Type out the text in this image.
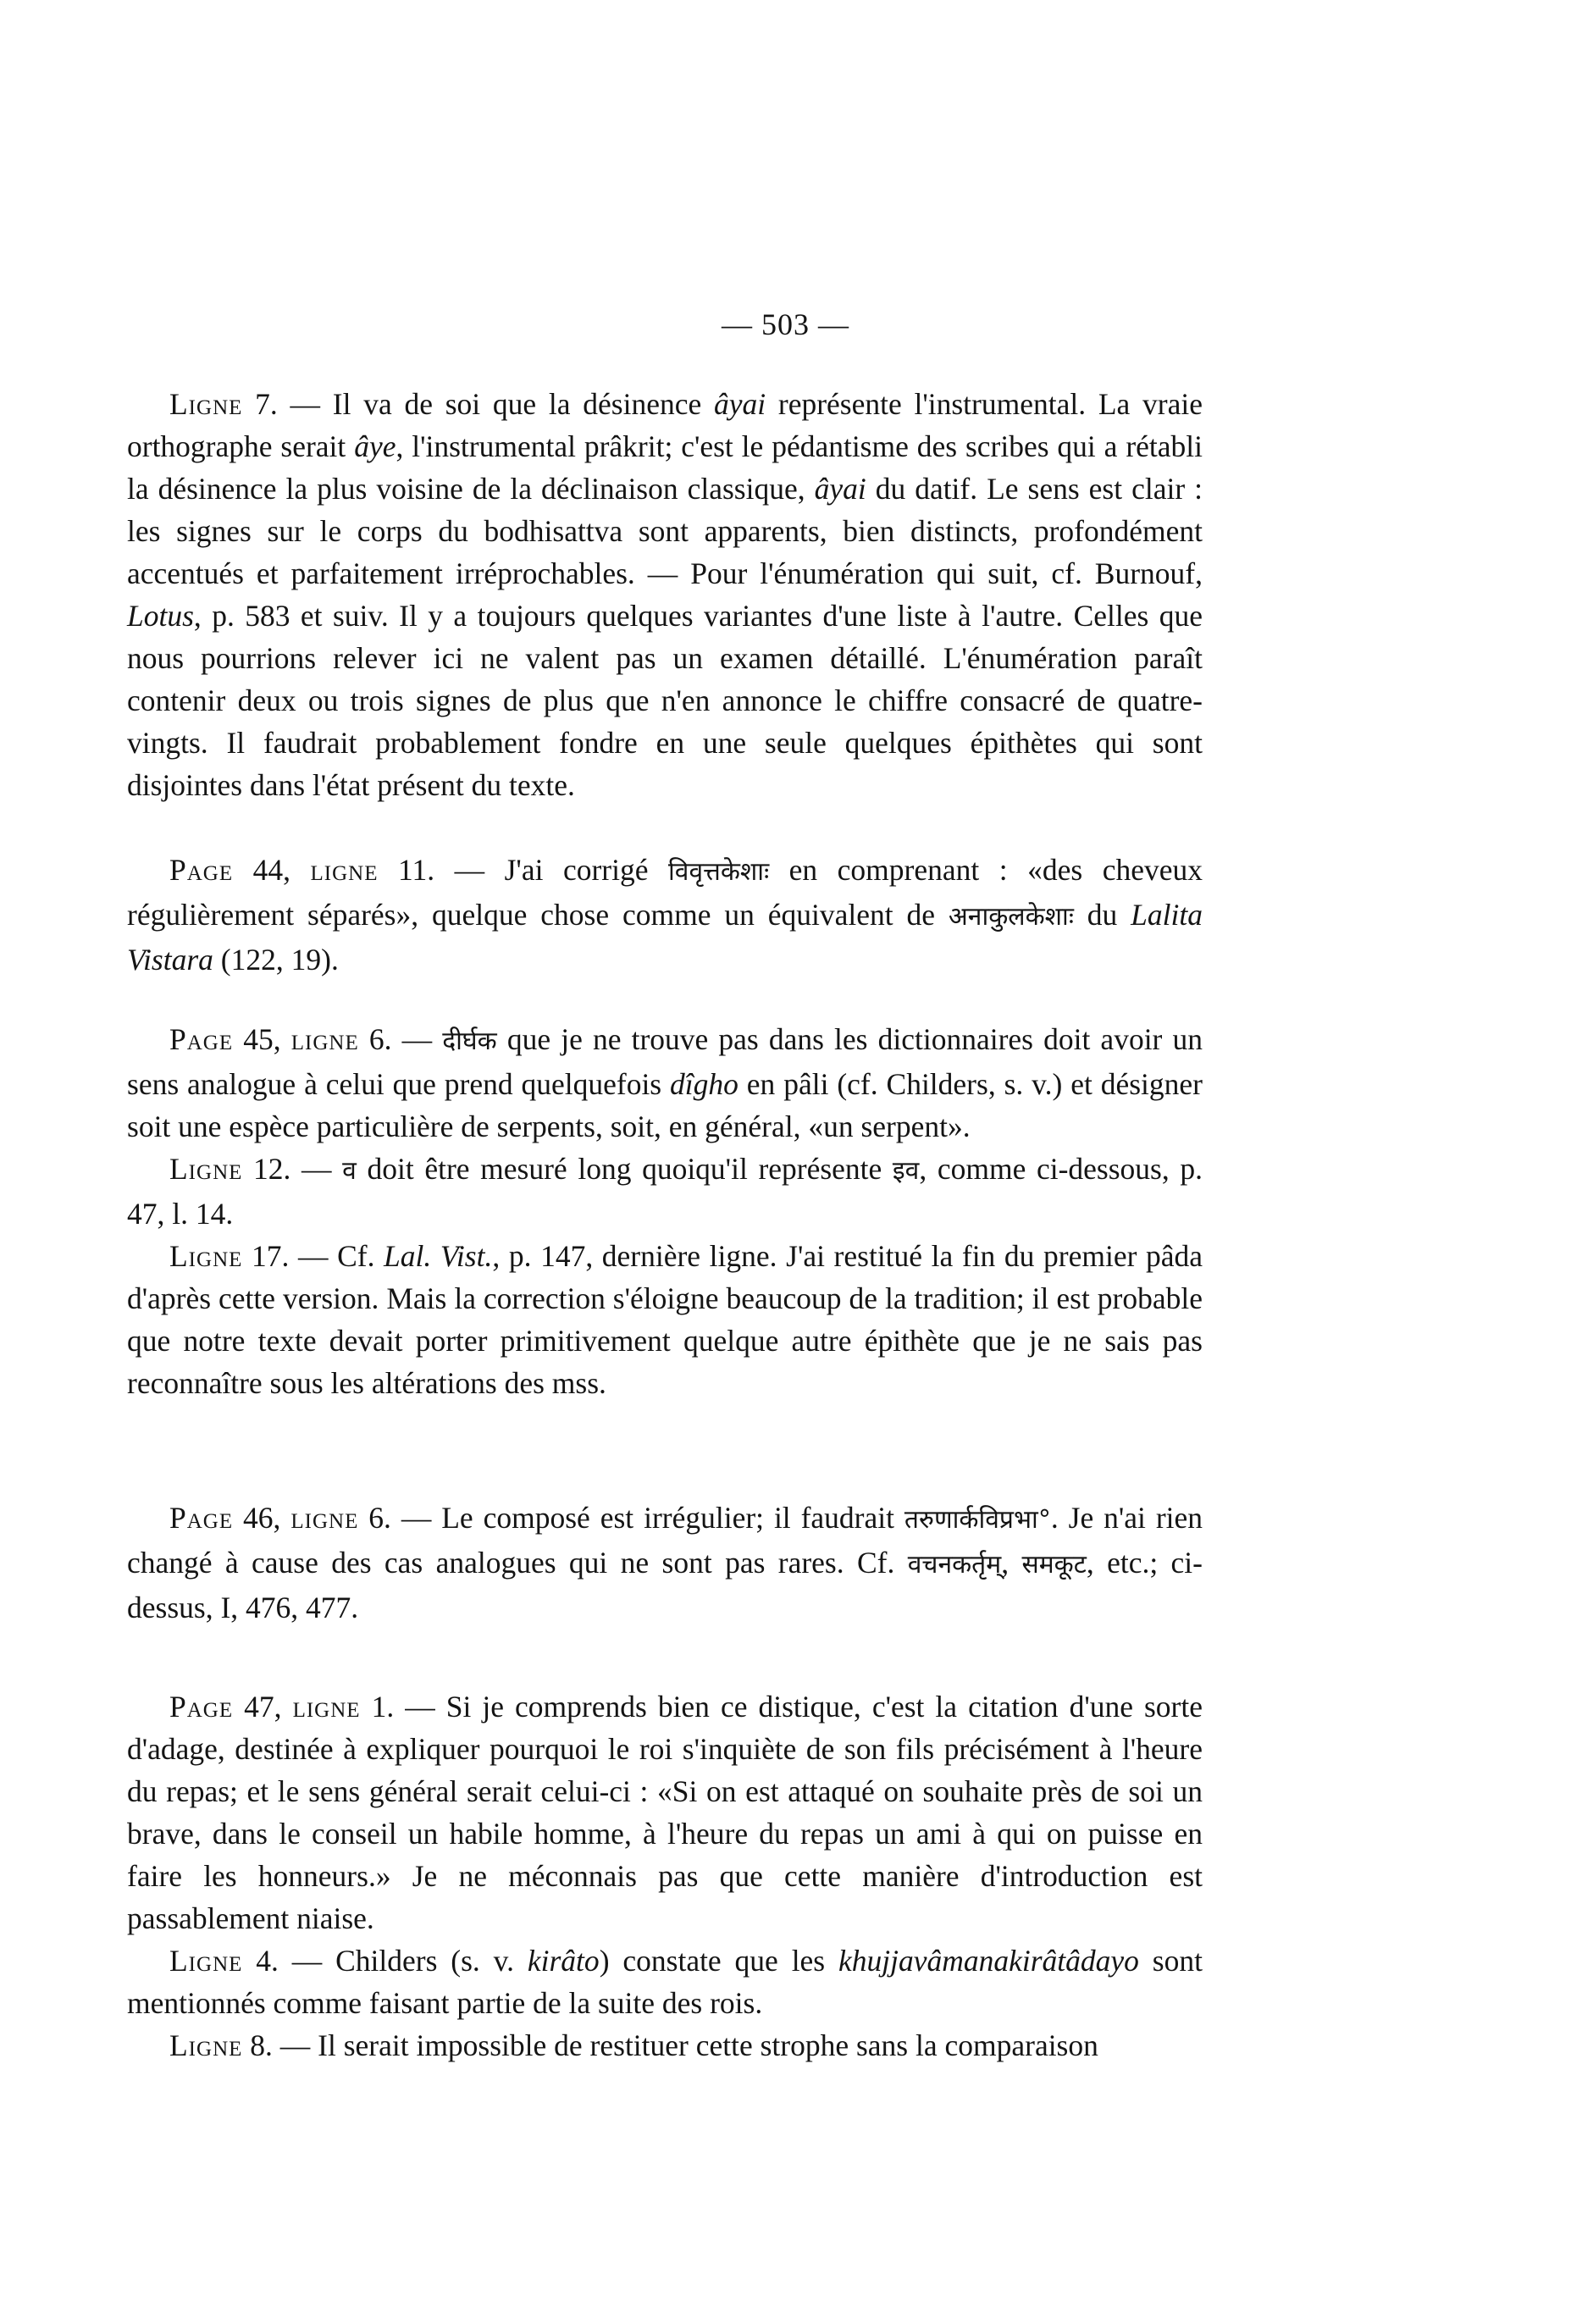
— 503 —

Ligne 7. — Il va de soi que la désinence âyai représente l'instrumental. La vraie orthographe serait âye, l'instrumental prâkrit; c'est le pédantisme des scribes qui a rétabli la désinence la plus voisine de la déclinaison classique, âyai du datif. Le sens est clair : les signes sur le corps du bodhisattva sont apparents, bien distincts, profondément accentués et parfaitement irréprochables. — Pour l'énumération qui suit, cf. Burnouf, Lotus, p. 583 et suiv. Il y a toujours quelques variantes d'une liste à l'autre. Celles que nous pourrions relever ici ne valent pas un examen détaillé. L'énumération paraît contenir deux ou trois signes de plus que n'en annonce le chiffre consacré de quatre-vingts. Il faudrait probablement fondre en une seule quelques épithètes qui sont disjointes dans l'état présent du texte.

Page 44, ligne 11. — J'ai corrigé विवृत्तकेशाः en comprenant : «des cheveux régulièrement séparés», quelque chose comme un équivalent de अनाकुलकेशाः du Lalita Vistara (122, 19).

Page 45, ligne 6. — दीर्घक que je ne trouve pas dans les dictionnaires doit avoir un sens analogue à celui que prend quelquefois dîgho en pâli (cf. Childers, s. v.) et désigner soit une espèce particulière de serpents, soit, en général, «un serpent».

Ligne 12. — व doit être mesuré long quoiqu'il représente इव, comme ci-dessous, p. 47, l. 14.

Ligne 17. — Cf. Lal. Vist., p. 147, dernière ligne. J'ai restitué la fin du premier pâda d'après cette version. Mais la correction s'éloigne beaucoup de la tradition; il est probable que notre texte devait porter primitivement quelque autre épithète que je ne sais pas reconnaître sous les altérations des mss.

Page 46, ligne 6. — Le composé est irrégulier; il faudrait तरुणार्कविप्रभा°. Je n'ai rien changé à cause des cas analogues qui ne sont pas rares. Cf. वचनकर्तृम्, समकूट, etc.; ci-dessus, I, 476, 477.

Page 47, ligne 1. — Si je comprends bien ce distique, c'est la citation d'une sorte d'adage, destinée à expliquer pourquoi le roi s'inquiète de son fils précisément à l'heure du repas; et le sens général serait celui-ci : «Si on est attaqué on souhaite près de soi un brave, dans le conseil un habile homme, à l'heure du repas un ami à qui on puisse en faire les honneurs.» Je ne méconnais pas que cette manière d'introduction est passablement niaise.

Ligne 4. — Childers (s. v. kirâto) constate que les khujjavâmanakirâtâdayo sont mentionnés comme faisant partie de la suite des rois.

Ligne 8. — Il serait impossible de restituer cette strophe sans la comparaison
